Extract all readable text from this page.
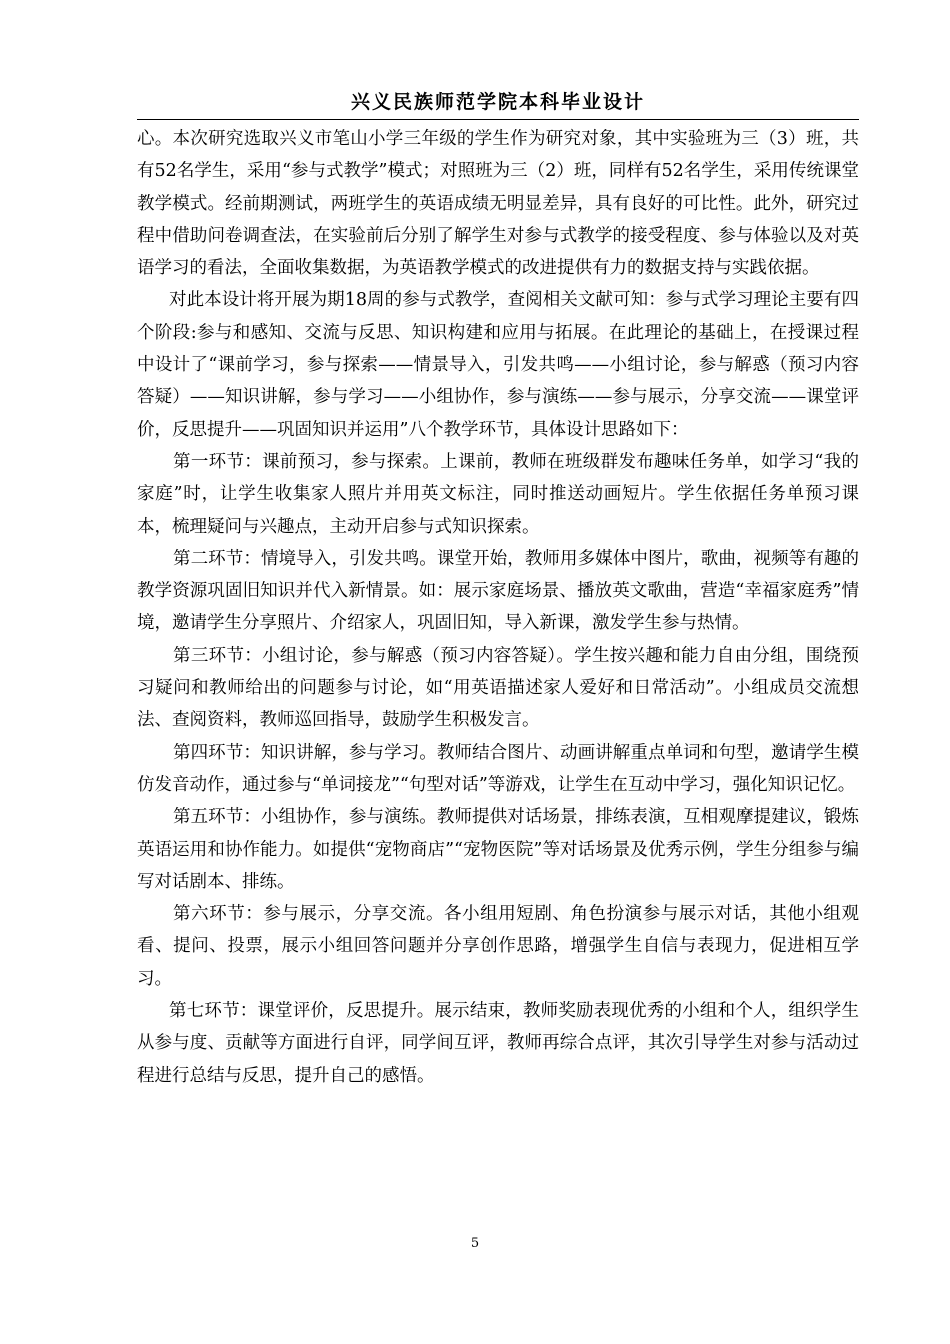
兴义民族师范学院本科毕业设计

心。本次研究选取兴义市笔山小学三年级的学生作为研究对象，其中实验班为三（3）班，共有52名学生，采用“参与式教学”模式；对照班为三（2）班，同样有52名学生，采用传统课堂教学模式。经前期测试，两班学生的英语成绩无明显差异，具有良好的可比性。此外，研究过程中借助问卷调查法，在实验前后分别了解学生对参与式教学的接受程度、参与体验以及对英语学习的看法，全面收集数据，为英语教学模式的改进提供有力的数据支持与实践依据。

对此本设计将开展为期18周的参与式教学，查阅相关文献可知：参与式学习理论主要有四个阶段:参与和感知、交流与反思、知识构建和应用与拓展。在此理论的基础上，在授课过程中设计了“课前学习，参与探索——情景导入，引发共鸣——小组讨论，参与解惑（预习内容答疑）——知识讲解，参与学习——小组协作，参与演练——参与展示，分享交流——课堂评价，反思提升——巩固知识并运用”八个教学环节，具体设计思路如下：

第一环节：课前预习，参与探索。上课前，教师在班级群发布趣味任务单，如学习“我的家庭”时，让学生收集家人照片并用英文标注，同时推送动画短片。学生依据任务单预习课本，梳理疑问与兴趣点，主动开启参与式知识探索。

第二环节：情境导入，引发共鸣。课堂开始，教师用多媒体中图片，歌曲，视频等有趣的教学资源巩固旧知识并代入新情景。如：展示家庭场景、播放英文歌曲，营造“幸福家庭秀”情境，邀请学生分享照片、介绍家人，巩固旧知，导入新课，激发学生参与热情。

第三环节：小组讨论，参与解惑（预习内容答疑）。学生按兴趣和能力自由分组，围绕预习疑问和教师给出的问题参与讨论，如“用英语描述家人爱好和日常活动”。小组成员交流想法、查阅资料，教师巡回指导，鼓励学生积极发言。

第四环节：知识讲解，参与学习。教师结合图片、动画讲解重点单词和句型，邀请学生模仿发音动作，通过参与“单词接龙”“句型对话”等游戏，让学生在互动中学习，强化知识记忆。

第五环节：小组协作，参与演练。教师提供对话场景，排练表演，互相观摩提建议，锻炼英语运用和协作能力。如提供“宠物商店”“宠物医院”等对话场景及优秀示例，学生分组参与编写对话剧本、排练。

第六环节：参与展示，分享交流。各小组用短剧、角色扮演参与展示对话，其他小组观看、提问、投票，展示小组回答问题并分享创作思路，增强学生自信与表现力，促进相互学习。

第七环节：课堂评价，反思提升。展示结束，教师奖励表现优秀的小组和个人，组织学生从参与度、贡献等方面进行自评，同学间互评，教师再综合点评，其次引导学生对参与活动过程进行总结与反思，提升自己的感悟。

5
